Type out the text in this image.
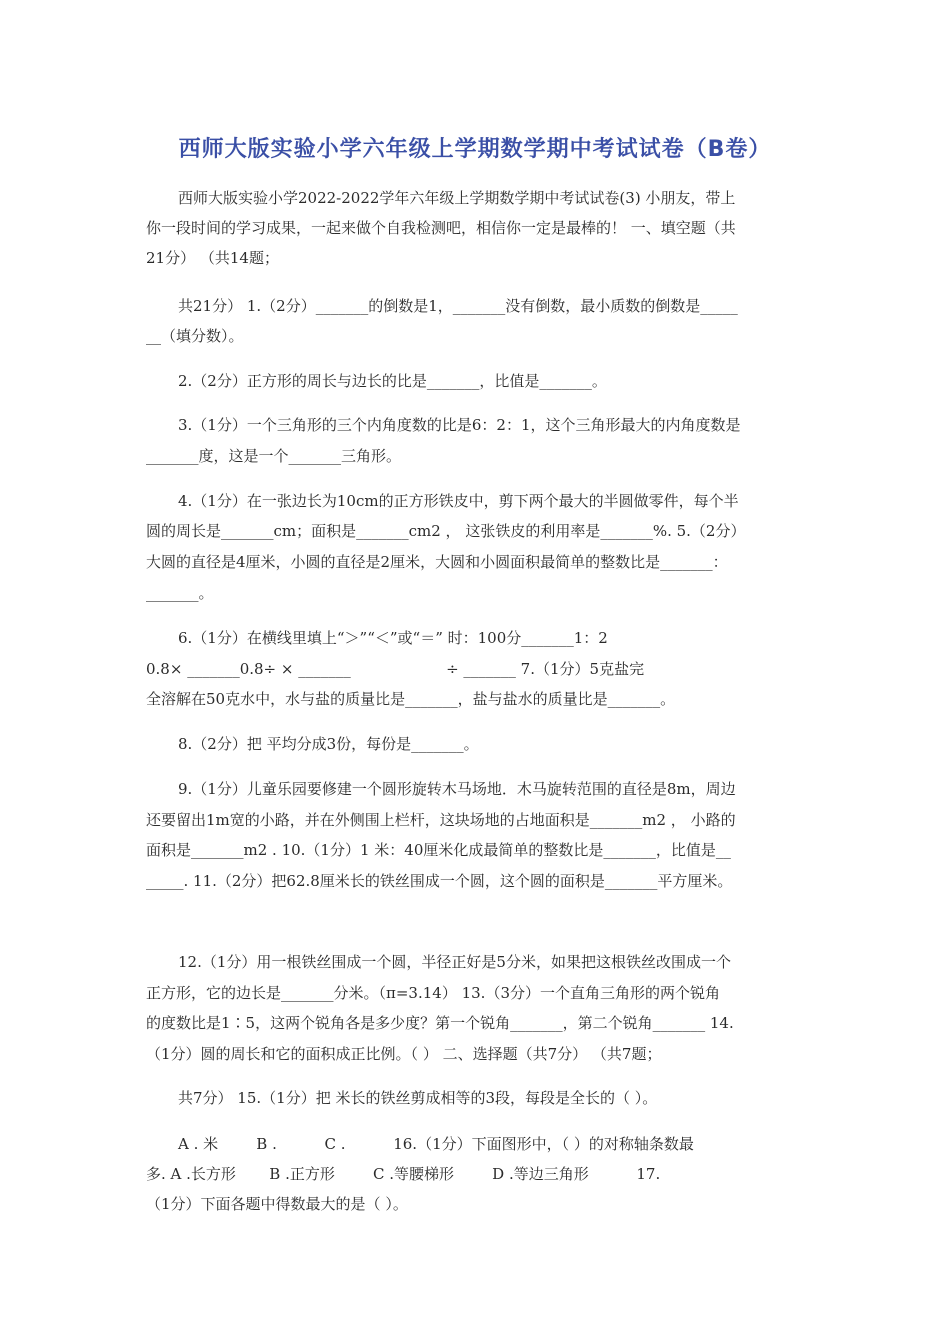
西师大版实验小学六年级上学期数学期中考试试卷（B卷）
西师大版实验小学2022-2022学年六年级上学期数学期中考试试卷(3) 小朋友，带上
你一段时间的学习成果，一起来做个自我检测吧，相信你一定是最棒的！ 一、填空题（共
21分） （共14题；
共21分） 1.（2分）_______的倒数是1，_______没有倒数，最小质数的倒数是_____
__（填分数）。
2.（2分）正方形的周长与边长的比是_______，比值是_______。
3.（1分）一个三角形的三个内角度数的比是6：2：1，这个三角形最大的内角度数是
_______度，这是一个_______三角形。
4.（1分）在一张边长为10cm的正方形铁皮中，剪下两个最大的半圆做零件，每个半
圆的周长是_______cm；面积是_______cm2 ， 这张铁皮的利用率是_______%. 5.（2分）
大圆的直径是4厘米，小圆的直径是2厘米，大圆和小圆面积最简单的整数比是_______：
_______。
6.（1分）在横线里填上“＞”“＜”或“＝” 时：100分_______1：2
0.8× _______0.8÷ × _______                    ÷ _______ 7.（1分）5克盐完
全溶解在50克水中，水与盐的质量比是_______，盐与盐水的质量比是_______。
8.（2分）把 平均分成3份，每份是_______。
9.（1分）儿童乐园要修建一个圆形旋转木马场地．木马旋转范围的直径是8m，周边
还要留出1m宽的小路，并在外侧围上栏杆，这块场地的占地面积是_______m2 ， 小路的
面积是_______m2 . 10.（1分）1 米：40厘米化成最简单的整数比是_______，比值是__
_____. 11.（2分）把62.8厘米长的铁丝围成一个圆，这个圆的面积是_______平方厘米。
12.（1分）用一根铁丝围成一个圆，半径正好是5分米，如果把这根铁丝改围成一个
正方形，它的边长是_______分米。（π=3.14） 13.（3分）一个直角三角形的两个锐角
的度数比是1∶5，这两个锐角各是多少度？第一个锐角_______，第二个锐角_______ 14.
（1分）圆的周长和它的面积成正比例。（ ） 二、选择题（共7分） （共7题；
共7分） 15.（1分）把 米长的铁丝剪成相等的3段，每段是全长的（ ）。
A . 米        B .          C .          16.（1分）下面图形中，（ ）的对称轴条数最
多. A .长方形       B .正方形        C .等腰梯形        D .等边三角形          17.
（1分）下面各题中得数最大的是（ ）。
